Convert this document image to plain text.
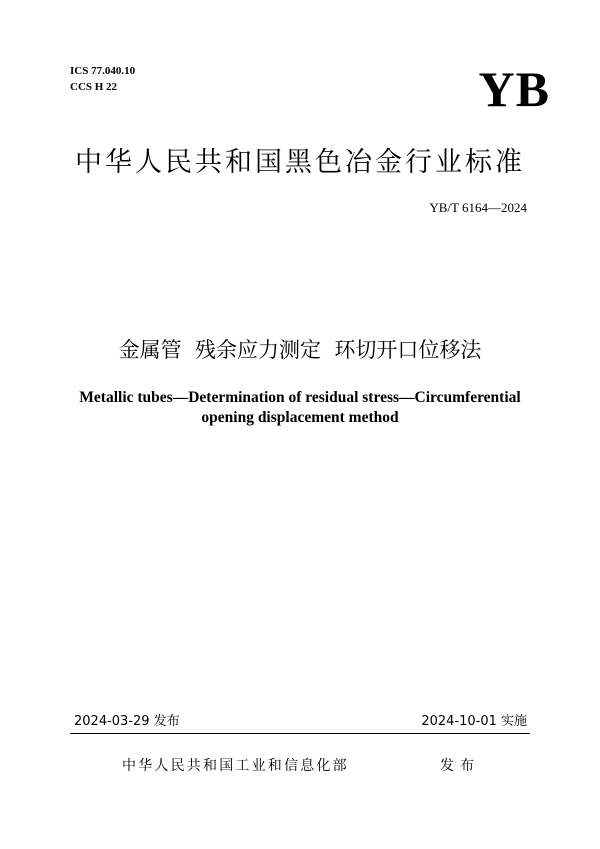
ICS 77.040.10
CCS H 22	YB
中华人民共和国黑色冶金行业标准
YB/T 6164—2024
金属管  残余应力测定  环切开口位移法
Metallic tubes—Determination of residual stress—Circumferential
opening displacement method
2024-03-29 发布	2024-10-01 实施
中华人民共和国工业和信息化部	发布
